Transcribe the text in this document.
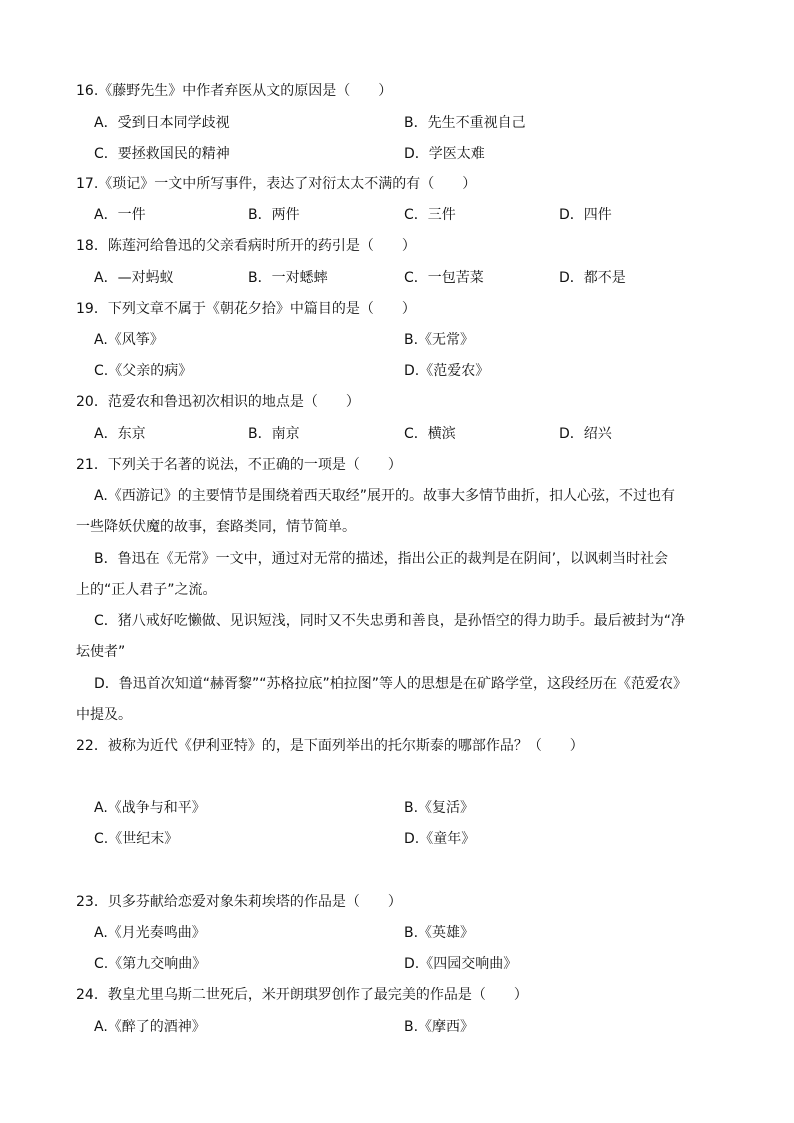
16.《藤野先生》中作者弃医从文的原因是（　　）
A．受到日本同学歧视	B．先生不重视自己
C．要拯救国民的精神	D．学医太难
17.《琐记》一文中所写事件，表达了对衍太太不满的有（　　）
A．一件	B．两件	C．三件	D．四件
18．陈莲河给鲁迅的父亲看病时所开的药引是（　　）
A．—对蚂蚁	B．一对蟋蟀	C．一包苦菜	D．都不是
19．下列文章不属于《朝花夕拾》中篇目的是（　　）
A.《风筝》	B.《无常》
C.《父亲的病》	D.《范爱农》
20．范爱农和鲁迅初次相识的地点是（　　）
A．东京	B．南京	C．横滨	D．绍兴
21．下列关于名著的说法，不正确的一项是（　　）
A.《西游记》的主要情节是围绕着西天取经”展开的。故事大多情节曲折，扣人心弦，不过也有
一些降妖伏魔的故事，套路类同，情节简单。
B．鲁迅在《无常》一文中，通过对无常的描述，指出公正的裁判是在阴间’，以讽刺当时社会
上的“正人君子”之流。
C．猪八戒好吃懒做、见识短浅，同时又不失忠勇和善良，是孙悟空的得力助手。最后被封为“净
坛使者”
D．鲁迅首次知道“赫胥黎”“苏格拉底”柏拉图”等人的思想是在矿路学堂，这段经历在《范爱农》
中提及。
22．被称为近代《伊利亚特》的，是下面列举出的托尔斯泰的哪部作品？（　　）
A.《战争与和平》	B.《复活》
C.《世纪末》	D.《童年》
23．贝多芬献给恋爱对象朱莉埃塔的作品是（　　）
A.《月光奏鸣曲》	B.《英雄》
C.《第九交响曲》	D.《四园交响曲》
24．教皇尤里乌斯二世死后，米开朗琪罗创作了最完美的作品是（　　）
A.《醉了的酒神》	B.《摩西》
